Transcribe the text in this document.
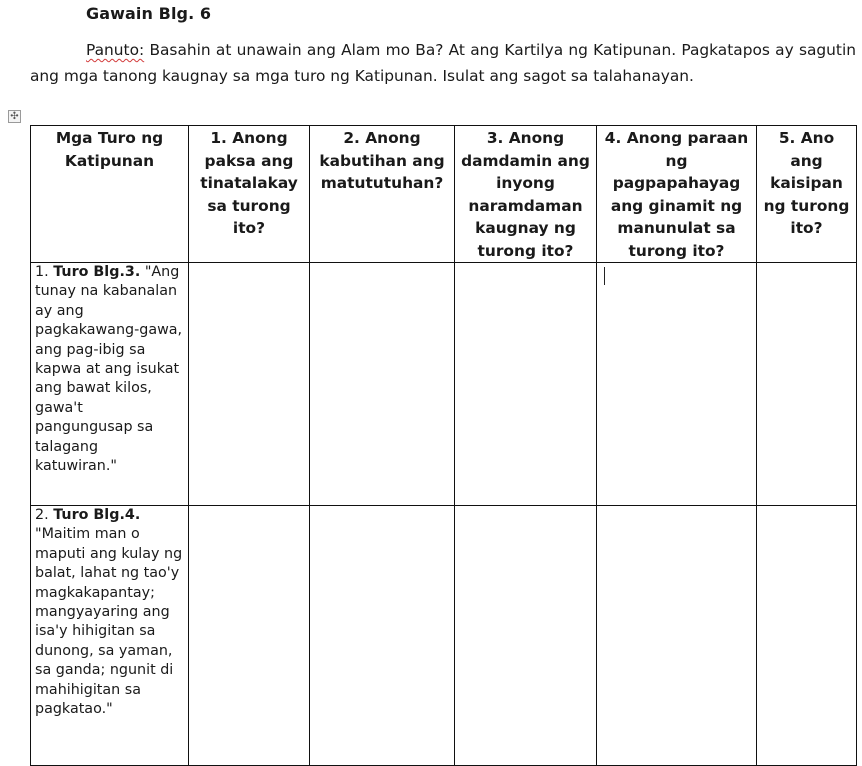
Gawain Blg. 6
Panuto: Basahin at unawain ang Alam mo Ba? At ang Kartilya ng Katipunan. Pagkatapos ay sagutin ang mga tanong kaugnay sa mga turo ng Katipunan. Isulat ang sagot sa talahanayan.
✣
Mga Turo ng Katipunan	1. Anong paksa ang tinatalakay sa turong ito?	2. Anong kabutihan ang matututuhan?	3. Anong damdamin ang inyong naramdaman kaugnay ng turong ito?	4. Anong paraan ng pagpapahayag ang ginamit ng manunulat sa turong ito?	5. Ano ang kaisipan ng turong ito?
1. Turo Blg.3. "Ang tunay na kabanalan ay ang pagkakawang-gawa, ang pag-ibig sa kapwa at ang isukat ang bawat kilos, gawa't pangungusap sa talagang katuwiran."					
2. Turo Blg.4. "Maitim man o maputi ang kulay ng balat, lahat ng tao'y magkakapantay; mangyayaring ang isa'y hihigitan sa dunong, sa yaman, sa ganda; ngunit di mahihigitan sa pagkatao."					
